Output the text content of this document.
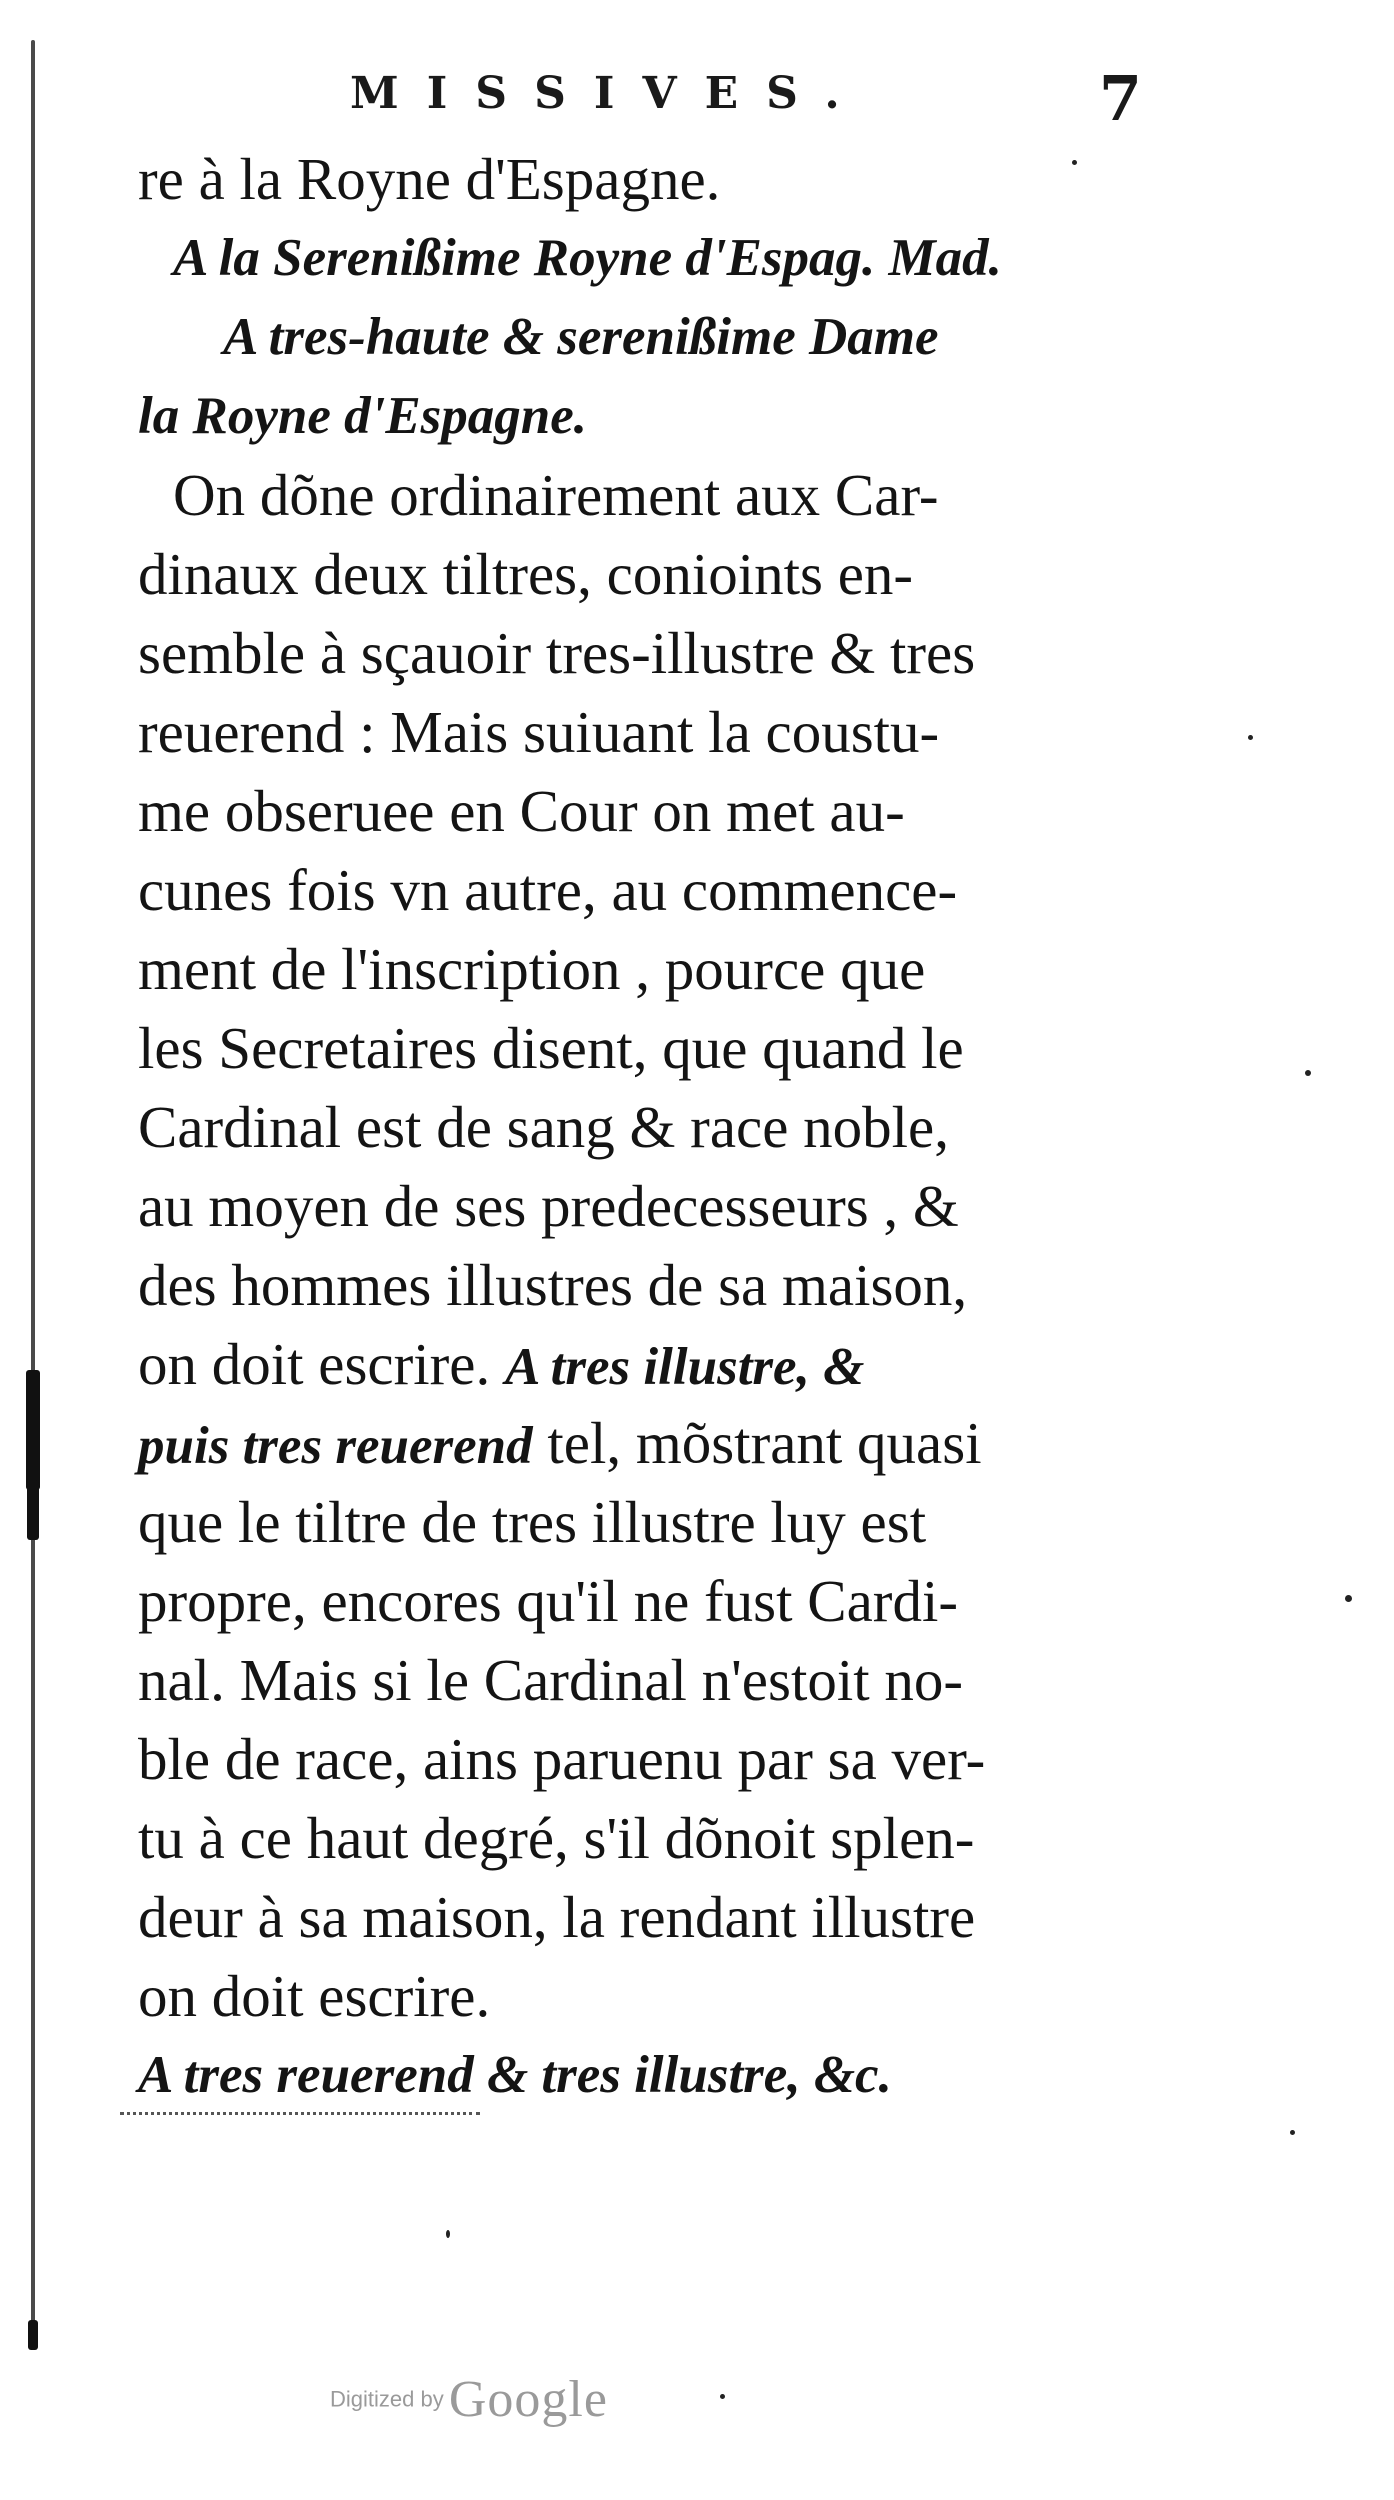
MISSIVES.	7
re à la Royne d'Espagne.
A la Serenißime Royne d'Espag. Mad.
A tres-haute & serenißime Dame
la Royne d'Espagne.
On dõne ordinairement aux Car-
dinaux deux tiltres, conioints en-
semble à sçauoir tres-illustre & tres
reuerend : Mais suiuant la coustu-
me obseruee en Cour on met au-
cunes fois vn autre, au commence-
ment de l'inscription , pource que
les Secretaires disent, que quand le
Cardinal est de sang & race noble,
au moyen de ses predecesseurs , &
des hommes illustres de sa maison,
on doit escrire. A tres illustre, &
puis tres reuerend tel, mõstrant quasi
que le tiltre de tres illustre luy est
propre, encores qu'il ne fust Cardi-
nal. Mais si le Cardinal n'estoit no-
ble de race, ains paruenu par sa ver-
tu à ce haut degré, s'il dõnoit splen-
deur à sa maison, la rendant illustre
on doit escrire.
A tres reuerend & tres illustre, &c.
Digitized by Google
